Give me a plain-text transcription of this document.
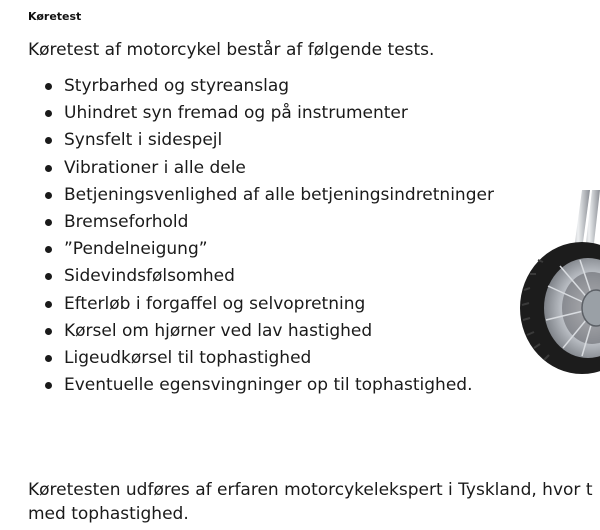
Køretest
Køretest af motorcykel består af følgende tests.
Styrbarhed og styreanslag
Uhindret syn fremad og på instrumenter
Synsfelt i sidespejl
Vibrationer i alle dele
Betjeningsvenlighed af alle betjeningsindretninger
Bremseforhold
”Pendelneigung”
Sidevindsfølsomhed
Efterløb i forgaffel og selvopretning
Kørsel om hjørner ved lav hastighed
Ligeudkørsel til tophastighed
Eventuelle egensvingninger op til tophastighed.
Køretesten udføres af erfaren motorcykelekspert i Tyskland, hvor t
med tophastighed.
